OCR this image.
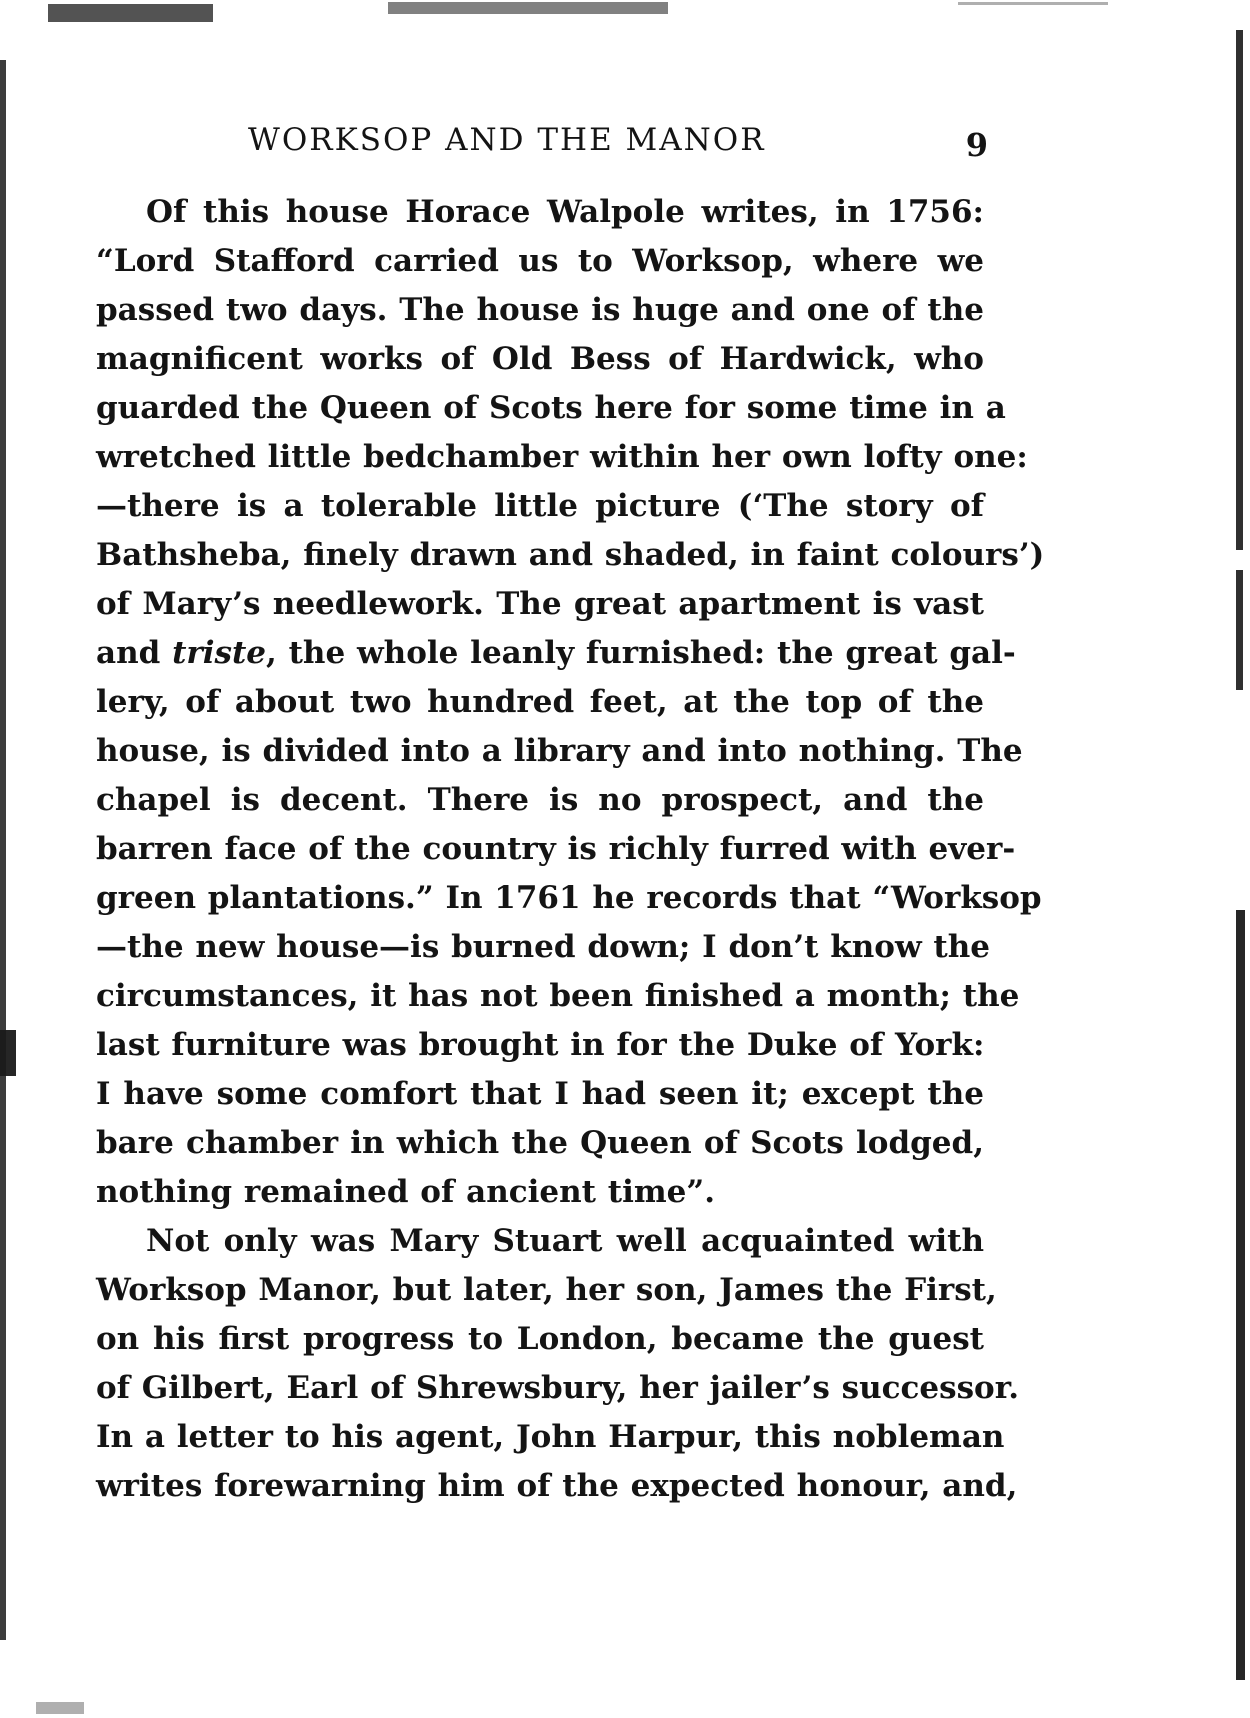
WORKSOP AND THE MANOR	9
Of this house Horace Walpole writes, in 1756:
“Lord Stafford carried us to Worksop, where we
passed two days. The house is huge and one of the
magnificent works of Old Bess of Hardwick, who
guarded the Queen of Scots here for some time in a
wretched little bedchamber within her own lofty one:
—there is a tolerable little picture (‘The story of
Bathsheba, finely drawn and shaded, in faint colours’)
of Mary’s needlework. The great apartment is vast
and triste, the whole leanly furnished: the great gal-
lery, of about two hundred feet, at the top of the
house, is divided into a library and into nothing. The
chapel is decent. There is no prospect, and the
barren face of the country is richly furred with ever-
green plantations.” In 1761 he records that “Worksop
—the new house—is burned down; I don’t know the
circumstances, it has not been finished a month; the
last furniture was brought in for the Duke of York:
I have some comfort that I had seen it; except the
bare chamber in which the Queen of Scots lodged,
nothing remained of ancient time”.
Not only was Mary Stuart well acquainted with
Worksop Manor, but later, her son, James the First,
on his first progress to London, became the guest
of Gilbert, Earl of Shrewsbury, her jailer’s successor.
In a letter to his agent, John Harpur, this nobleman
writes forewarning him of the expected honour, and,
